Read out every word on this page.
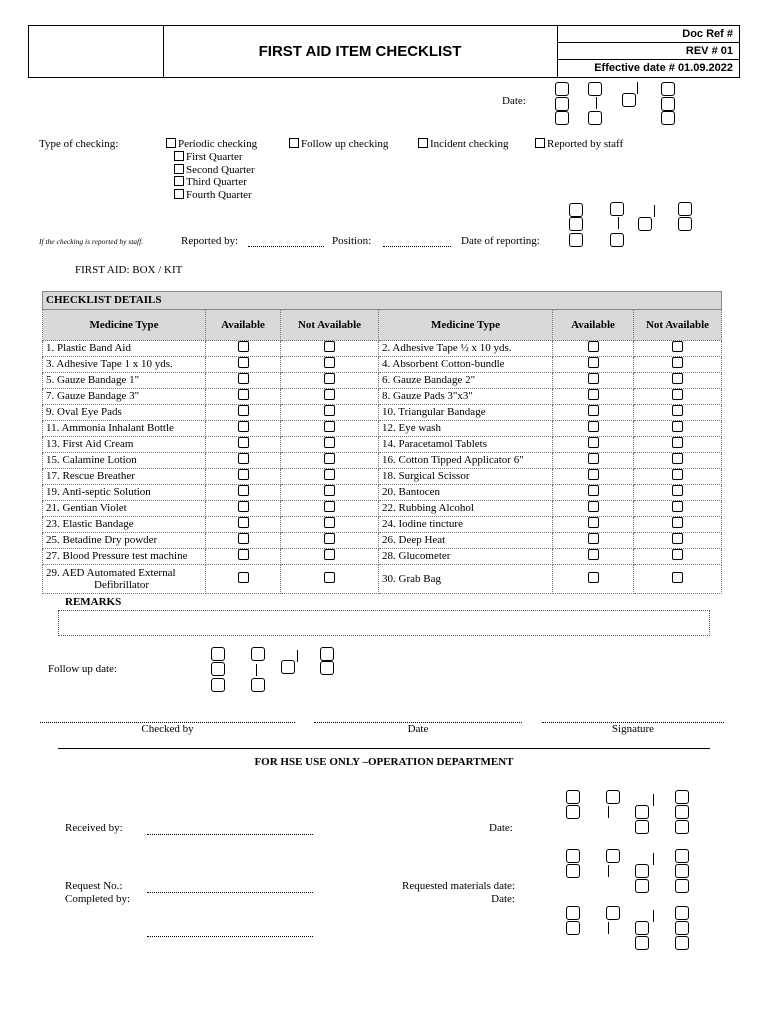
FIRST AID ITEM CHECKLIST
Doc Ref #
REV # 01
Effective date # 01.09.2022
Date:
Type of checking:	Periodic checking	Follow up checking	Incident checking	Reported by staff
First Quarter
Second Quarter
Third Quarter
Fourth Quarter
If the checking is reported by staff.	Reported by:	Position:	Date of reporting:
FIRST AID: BOX / KIT
CHECKLIST DETAILS					
Medicine Type	Available	Not Available	Medicine Type	Available	Not Available
1. Plastic Band Aid			2. Adhesive Tape ½ x 10 yds.		
3. Adhesive Tape 1 x 10 yds.			4. Absorbent Cotton-bundle		
5. Gauze Bandage 1"			6. Gauze Bandage 2"		
7. Gauze Bandage 3"			8. Gauze Pads 3"x3"		
9. Oval Eye Pads			10. Triangular Bandage		
11. Ammonia Inhalant Bottle			12. Eye wash		
13. First Aid Cream			14. Paracetamol Tablets		
15. Calamine Lotion			16. Cotton Tipped Applicator 6"		
17. Rescue Breather			18. Surgical Scissor		
19. Anti-septic Solution			20. Bantocen		
21. Gentian Violet			22. Rubbing Alcohol		
23. Elastic Bandage			24. Iodine tincture		
25. Betadine Dry powder			26. Deep Heat		
27. Blood Pressure test machine			28. Glucometer		

29. AED Automated External
Defibrillator			30. Grab Bag		
REMARKS
Follow up date:
Checked by	Date	Signature
FOR HSE USE ONLY –OPERATION DEPARTMENT
Received by:	Date:
Request No.:
Completed by:
Requested materials date:
Date:
